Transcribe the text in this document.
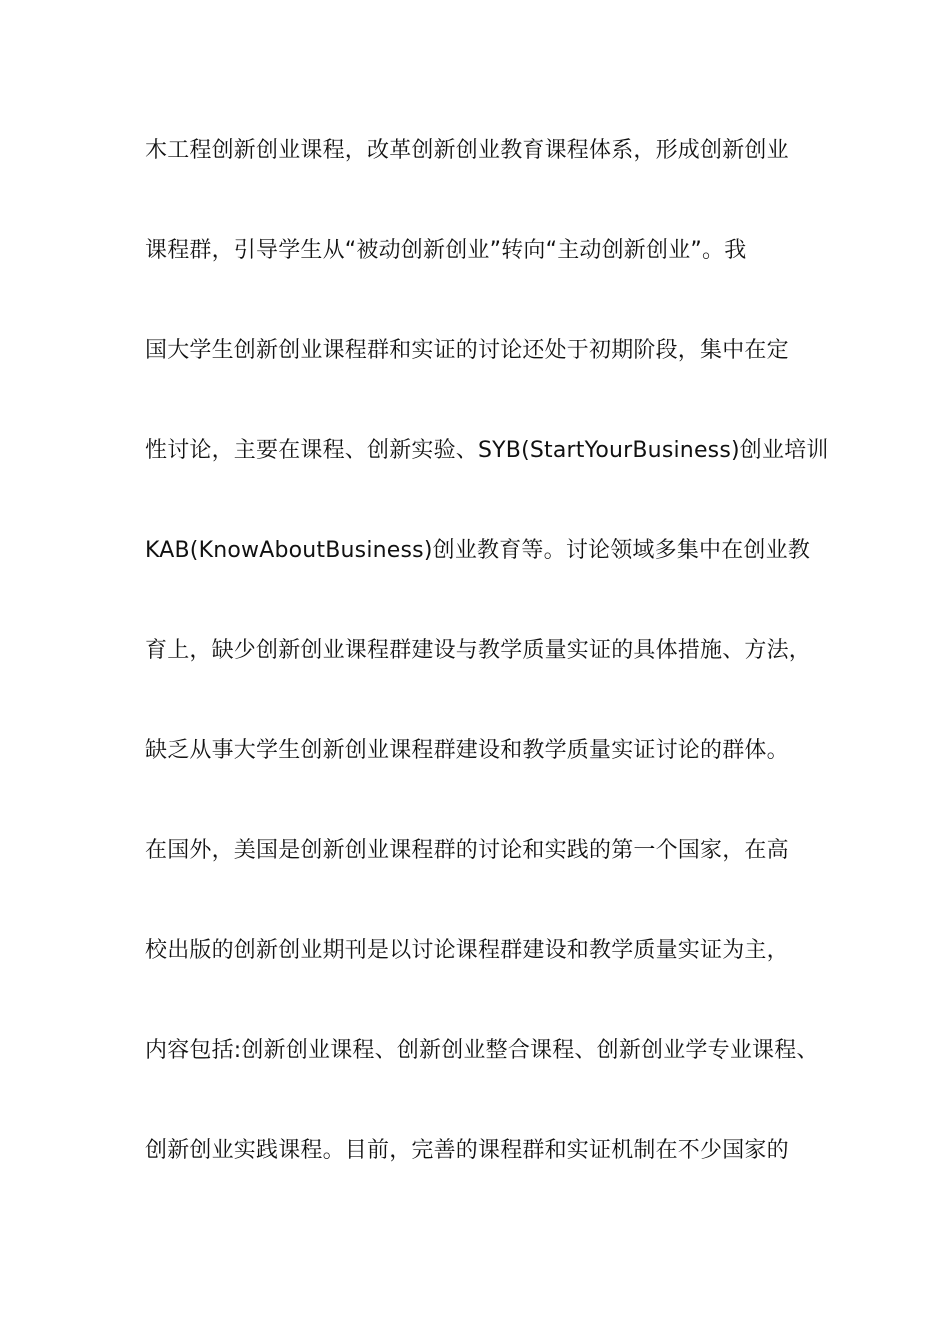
木工程创新创业课程，改革创新创业教育课程体系，形成创新创业
课程群，引导学生从“被动创新创业”转向“主动创新创业”。我
国大学生创新创业课程群和实证的讨论还处于初期阶段，集中在定
性讨论，主要在课程、创新实验、SYB(StartYourBusiness)创业培训
KAB(KnowAboutBusiness)创业教育等。讨论领域多集中在创业教
育上，缺少创新创业课程群建设与教学质量实证的具体措施、方法，
缺乏从事大学生创新创业课程群建设和教学质量实证讨论的群体。
在国外，美国是创新创业课程群的讨论和实践的第一个国家，在高
校出版的创新创业期刊是以讨论课程群建设和教学质量实证为主，
内容包括:创新创业课程、创新创业整合课程、创新创业学专业课程、
创新创业实践课程。目前，完善的课程群和实证机制在不少国家的
